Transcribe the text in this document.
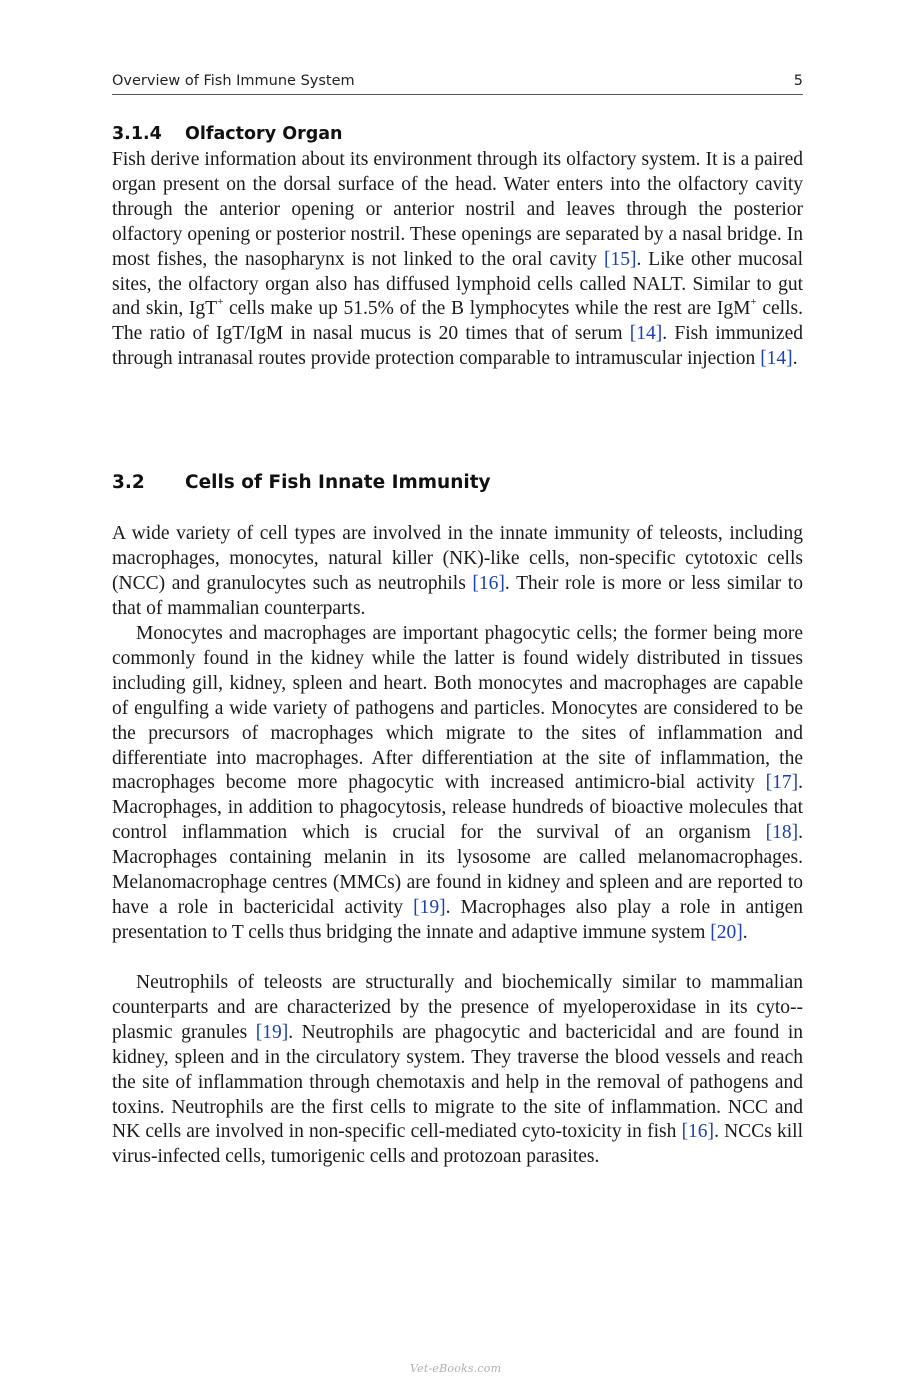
Overview of Fish Immune System	5
3.1.4 Olfactory Organ

Fish derive information about its environment through its olfactory system. It is a paired organ present on the dorsal surface of the head. Water enters into the olfactory cavity through the anterior opening or anterior nostril and leaves through the posterior olfactory opening or posterior nostril. These openings are separated by a nasal bridge. In most fishes, the nasopharynx is not linked to the oral cavity [15]. Like other mucosal sites, the olfactory organ also has diffused lymphoid cells called NALT. Similar to gut and skin, IgT+ cells make up 51.5% of the B lymphocytes while the rest are IgM+ cells. The ratio of IgT/IgM in nasal mucus is 20 times that of serum [14]. Fish immunized through intranasal routes provide protection comparable to intramuscular injection [14].

3.2 Cells of Fish Innate Immunity

A wide variety of cell types are involved in the innate immunity of teleosts, including macrophages, monocytes, natural killer (NK)-like cells, non-specific cytotoxic cells (NCC) and granulocytes such as neutrophils [16]. Their role is more or less similar to that of mammalian counterparts.

Monocytes and macrophages are important phagocytic cells; the former being more commonly found in the kidney while the latter is found widely distributed in tissues including gill, kidney, spleen and heart. Both monocytes and macrophages are capable of engulfing a wide variety of pathogens and particles. Monocytes are considered to be the precursors of macrophages which migrate to the sites of inflammation and differentiate into macrophages. After differentiation at the site of inflammation, the macrophages become more phagocytic with increased antimicro-bial activity [17]. Macrophages, in addition to phagocytosis, release hundreds of bioactive molecules that control inflammation which is crucial for the survival of an organism [18]. Macrophages containing melanin in its lysosome are called melanomacrophages. Melanomacrophage centres (MMCs) are found in kidney and spleen and are reported to have a role in bactericidal activity [19]. Macrophages also play a role in antigen presentation to T cells thus bridging the innate and adaptive immune system [20].

Neutrophils of teleosts are structurally and biochemically similar to mammalian counterparts and are characterized by the presence of myeloperoxidase in its cyto-plasmic granules [19]. Neutrophils are phagocytic and bactericidal and are found in kidney, spleen and in the circulatory system. They traverse the blood vessels and reach the site of inflammation through chemotaxis and help in the removal of pathogens and toxins. Neutrophils are the first cells to migrate to the site of inflammation. NCC and NK cells are involved in non-specific cell-mediated cyto-toxicity in fish [16]. NCCs kill virus-infected cells, tumorigenic cells and protozoan parasites.

Vet-eBooks.com
